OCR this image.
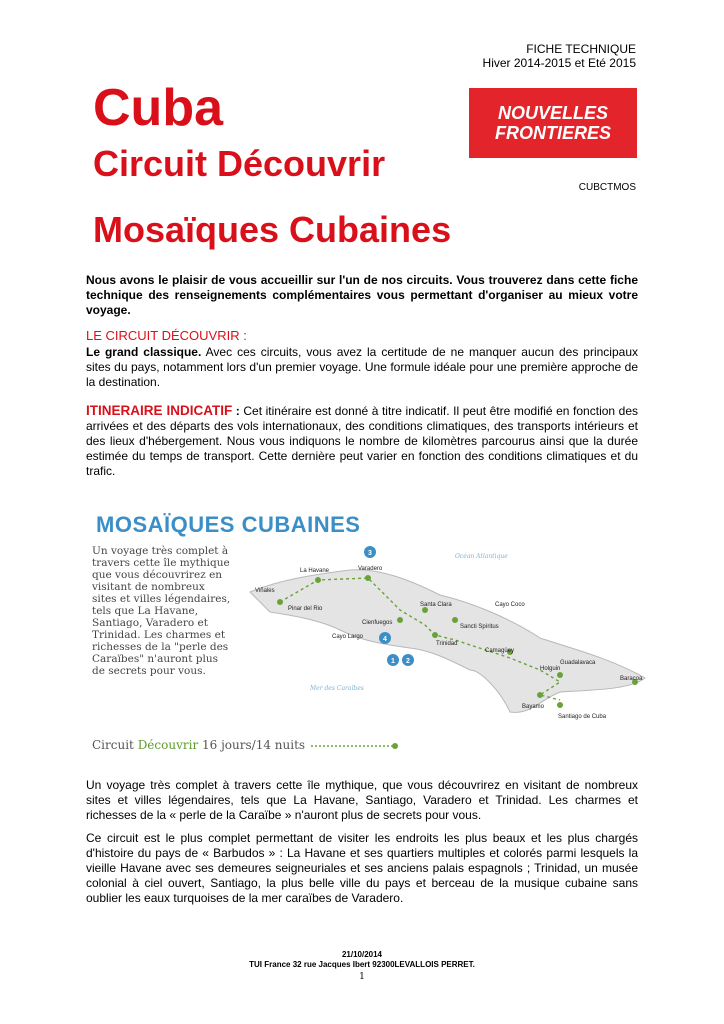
FICHE TECHNIQUE
Hiver 2014-2015 et Eté 2015
Cuba
Circuit Découvrir
Mosaïques Cubaines
NOUVELLES
FRONTIERES
CUBCTMOS
Nous avons le plaisir de vous accueillir sur l'un de nos circuits. Vous trouverez dans cette fiche technique des renseignements complémentaires vous permettant d'organiser au mieux votre voyage.
LE CIRCUIT DÉCOUVRIR :
Le grand classique. Avec ces circuits, vous avez la certitude de ne manquer aucun des principaux sites du pays, notamment lors d'un premier voyage. Une formule idéale pour une première approche de la destination.
ITINERAIRE INDICATIF : Cet itinéraire est donné à titre indicatif. Il peut être modifié en fonction des arrivées et des départs des vols internationaux, des conditions climatiques, des transports intérieurs et des lieux d'hébergement. Nous vous indiquons le nombre de kilomètres parcourus ainsi que la durée estimée du temps de transport. Cette dernière peut varier en fonction des conditions climatiques et du trafic.
MOSAÏQUES CUBAINES
Un voyage très complet à travers cette île mythique que vous découvrirez en visitant de nombreux sites et villes légendaires, tels que La Havane, Santiago, Varadero et Trinidad. Les charmes et richesses de la "perle des Caraïbes" n'auront plus de secrets pour vous.
La Havane	Varadero
Viñales
Pinar del Rio
Cienfuegos
Santa Clara
Trinidad
Sancti Spíritus
Camagüey
Holguin
Bayamo
Santiago de Cuba
Baracoa
Guadalavaca
Cayo Coco
Cayo Largo
Océan Atlantique
Mer des Caraïbes
3
4
1 2
Circuit Découvrir 16 jours/14 nuits
Un voyage très complet à travers cette île mythique, que vous découvrirez en visitant de nombreux sites et villes légendaires, tels que La Havane, Santiago, Varadero et Trinidad. Les charmes et richesses de la « perle de la Caraïbe » n'auront plus de secrets pour vous.
Ce circuit est le plus complet permettant de visiter les endroits les plus beaux et les plus chargés d'histoire du pays de « Barbudos » : La Havane et ses quartiers multiples et colorés parmi lesquels la vieille Havane avec ses demeures seigneuriales et ses anciens palais espagnols ; Trinidad, un musée colonial à ciel ouvert, Santiago, la plus belle ville du pays et berceau de la musique cubaine sans oublier les eaux turquoises de la mer caraïbes de Varadero.
21/10/2014
TUI France 32 rue Jacques Ibert 92300LEVALLOIS PERRET.
1
